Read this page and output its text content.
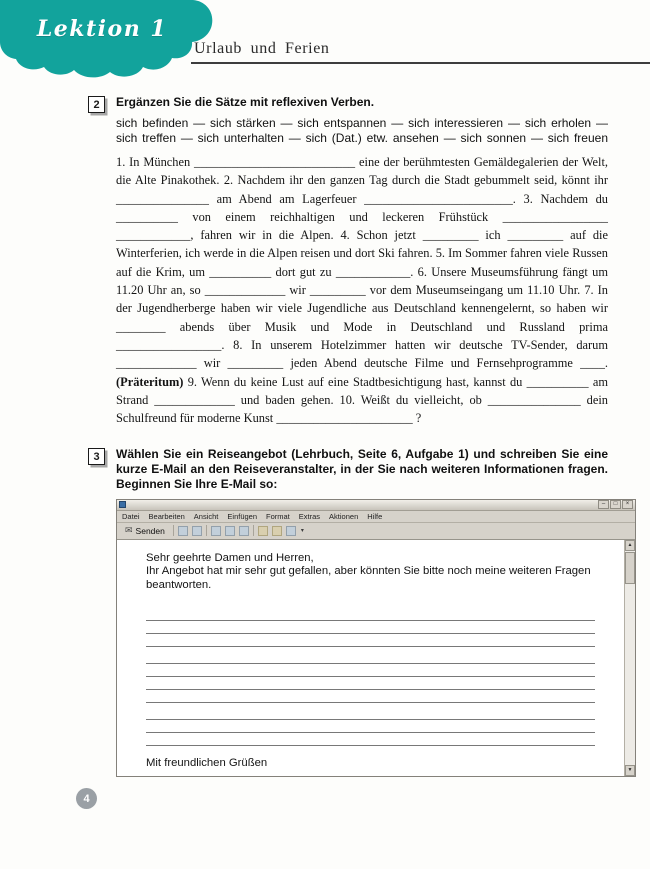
Lektion 1
Urlaub und Ferien
2	Ergänzen Sie die Sätze mit reflexiven Verben.

sich befinden — sich stärken — sich entspannen — sich interessieren — sich erholen — sich treffen — sich unterhalten — sich (Dat.) etw. ansehen — sich sonnen — sich freuen

1. In München __________________________ eine der berühmtesten Gemäldegalerien der Welt, die Alte Pinakothek. 2. Nachdem ihr den ganzen Tag durch die Stadt gebummelt seid, könnt ihr _______________ am Abend am Lagerfeuer ________________________. 3. Nachdem du __________ von einem reichhaltigen und leckeren Frühstück _________________ ____________, fahren wir in die Alpen. 4. Schon jetzt _________ ich _________ auf die Winterferien, ich werde in die Alpen reisen und dort Ski fahren. 5. Im Sommer fahren viele Russen auf die Krim, um __________ dort gut zu ____________. 6. Unsere Museumsführung fängt um 11.20 Uhr an, so _____________ wir _________ vor dem Museumseingang um 11.10 Uhr. 7. In der Jugendherberge haben wir viele Jugendliche aus Deutschland kennengelernt, so haben wir ________ abends über Musik und Mode in Deutschland und Russland prima _________________. 8. In unserem Hotelzimmer hatten wir deutsche TV-Sender, darum _____________ wir _________ jeden Abend deutsche Filme und Fernsehprogramme ____. (Präteritum) 9. Wenn du keine Lust auf eine Stadtbesichtigung hast, kannst du __________ am Strand _____________ und baden gehen. 10. Weißt du vielleicht, ob _______________ dein Schulfreund für moderne Kunst ______________________ ?

3	Wählen Sie ein Reiseangebot (Lehrbuch, Seite 6, Aufgabe 1) und schreiben Sie eine kurze E-Mail an den Reiseveranstalter, in der Sie nach weiteren Informationen fragen. Beginnen Sie Ihre E-Mail so:

–	□	×
Datei Bearbeiten Ansicht Einfügen Format Extras Aktionen Hilfe
✉ Senden	▾
Sehr geehrte Damen und Herren,
Ihr Angebot hat mir sehr gut gefallen, aber könnten Sie bitte noch meine weiteren Fragen beantworten.
Mit freundlichen Grüßen
▲
▼
4
